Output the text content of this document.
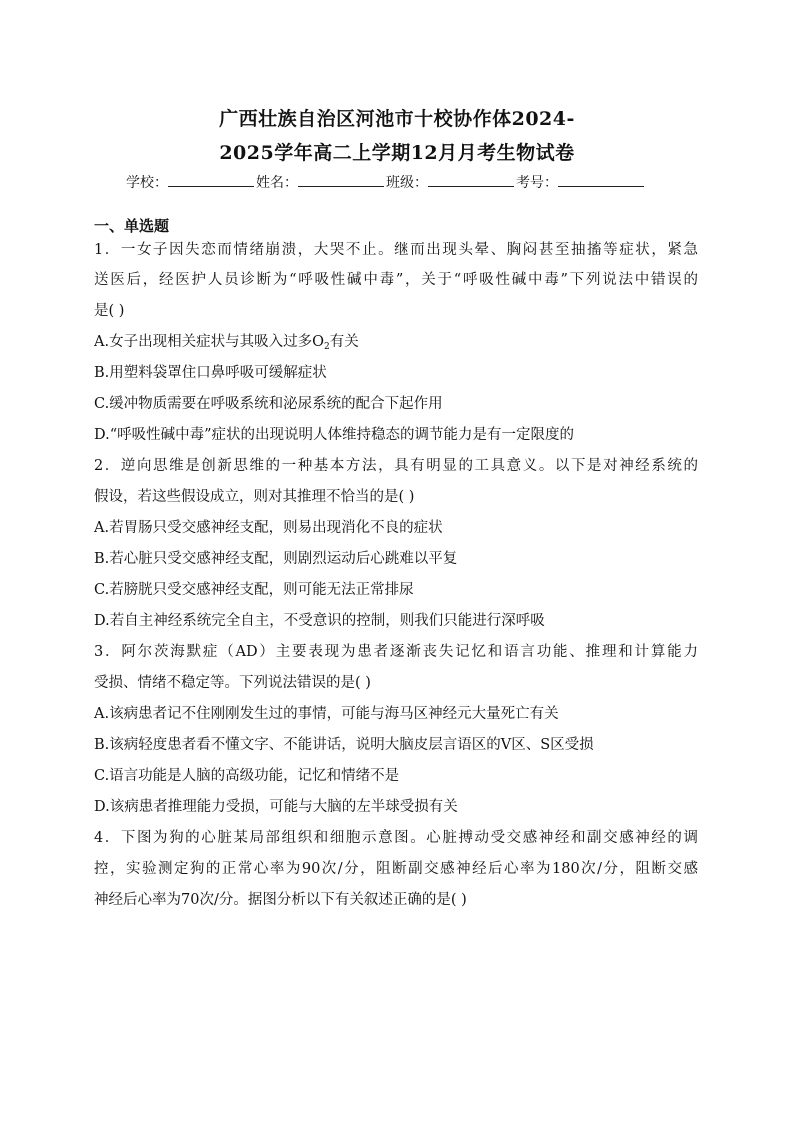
广西壮族自治区河池市十校协作体2024-
2025学年高二上学期12月月考生物试卷
学校：	姓名：	班级：	考号：
一、单选题
1．一女子因失恋而情绪崩溃，大哭不止。继而出现头晕、胸闷甚至抽搐等症状，紧急
送医后，经医护人员诊断为“呼吸性碱中毒”，关于“呼吸性碱中毒”下列说法中错误的
是( )
A.女子出现相关症状与其吸入过多$O_2$有关
B.用塑料袋罩住口鼻呼吸可缓解症状
C.缓冲物质需要在呼吸系统和泌尿系统的配合下起作用
D.“呼吸性碱中毒”症状的出现说明人体维持稳态的调节能力是有一定限度的
2．逆向思维是创新思维的一种基本方法，具有明显的工具意义。以下是对神经系统的
假设，若这些假设成立，则对其推理不恰当的是( )
A.若胃肠只受交感神经支配，则易出现消化不良的症状
B.若心脏只受交感神经支配，则剧烈运动后心跳难以平复
C.若膀胱只受交感神经支配，则可能无法正常排尿
D.若自主神经系统完全自主，不受意识的控制，则我们只能进行深呼吸
3．阿尔茨海默症（AD）主要表现为患者逐渐丧失记忆和语言功能、推理和计算能力
受损、情绪不稳定等。下列说法错误的是( )
A.该病患者记不住刚刚发生过的事情，可能与海马区神经元大量死亡有关
B.该病轻度患者看不懂文字、不能讲话，说明大脑皮层言语区的V区、S区受损
C.语言功能是人脑的高级功能，记忆和情绪不是
D.该病患者推理能力受损，可能与大脑的左半球受损有关
4．下图为狗的心脏某局部组织和细胞示意图。心脏搏动受交感神经和副交感神经的调
控，实验测定狗的正常心率为90次/分，阻断副交感神经后心率为180次/分，阻断交感
神经后心率为70次/分。据图分析以下有关叙述正确的是( )
